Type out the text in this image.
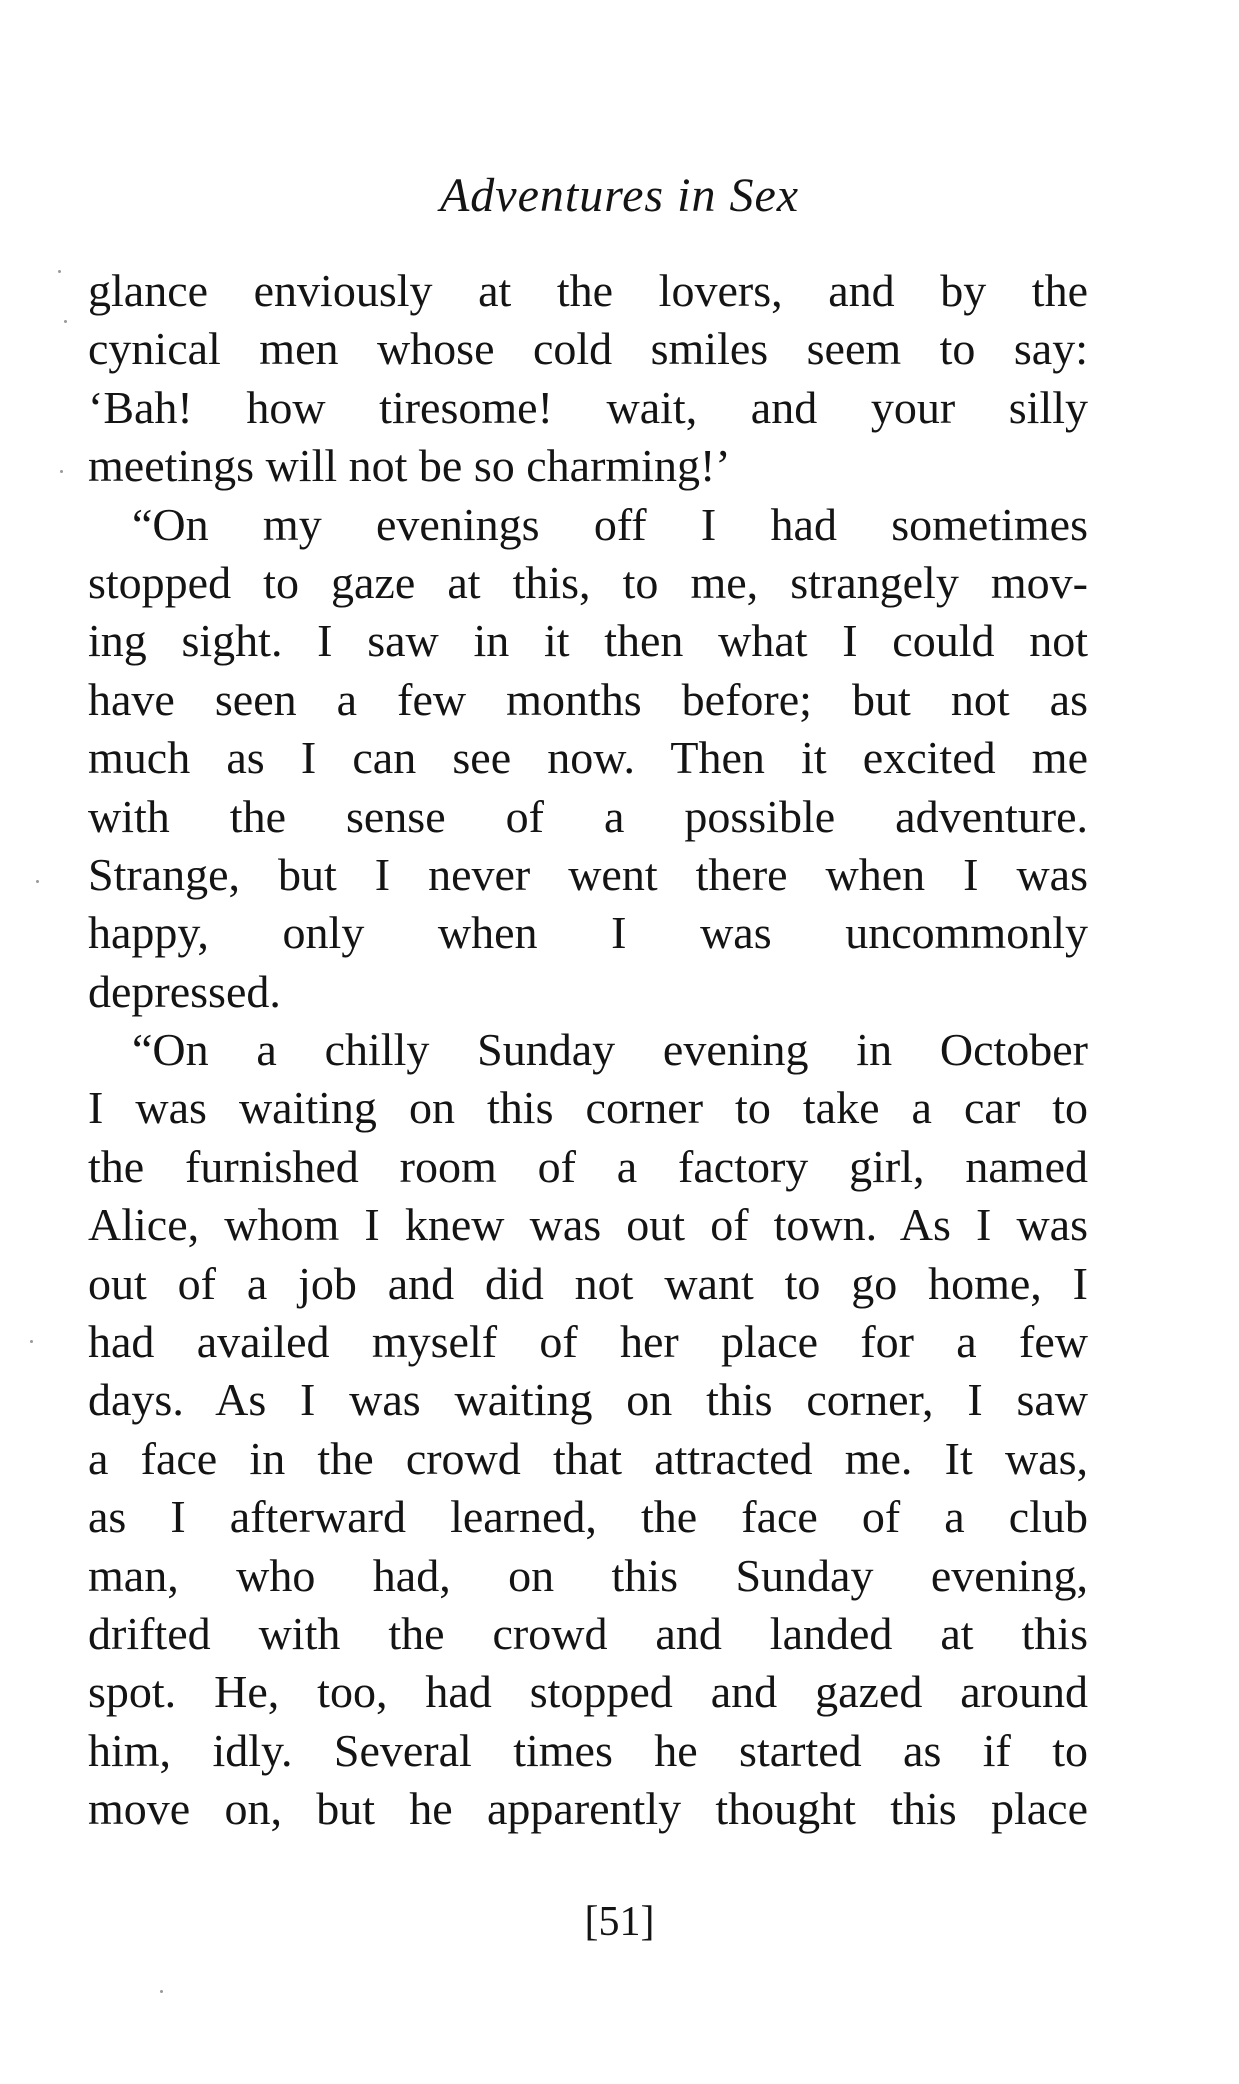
Adventures in Sex
glance enviously at the lovers, and by the
cynical men whose cold smiles seem to say:
‘Bah! how tiresome! wait, and your silly
meetings will not be so charming!’
“On my evenings off I had sometimes
stopped to gaze at this, to me, strangely mov-
ing sight. I saw in it then what I could not
have seen a few months before; but not as
much as I can see now. Then it excited me
with the sense of a possible adventure.
Strange, but I never went there when I was
happy, only when I was uncommonly
depressed.
“On a chilly Sunday evening in October
I was waiting on this corner to take a car to
the furnished room of a factory girl, named
Alice, whom I knew was out of town. As I was
out of a job and did not want to go home, I
had availed myself of her place for a few
days. As I was waiting on this corner, I saw
a face in the crowd that attracted me. It was,
as I afterward learned, the face of a club
man, who had, on this Sunday evening,
drifted with the crowd and landed at this
spot. He, too, had stopped and gazed around
him, idly. Several times he started as if to
move on, but he apparently thought this place
[51]
